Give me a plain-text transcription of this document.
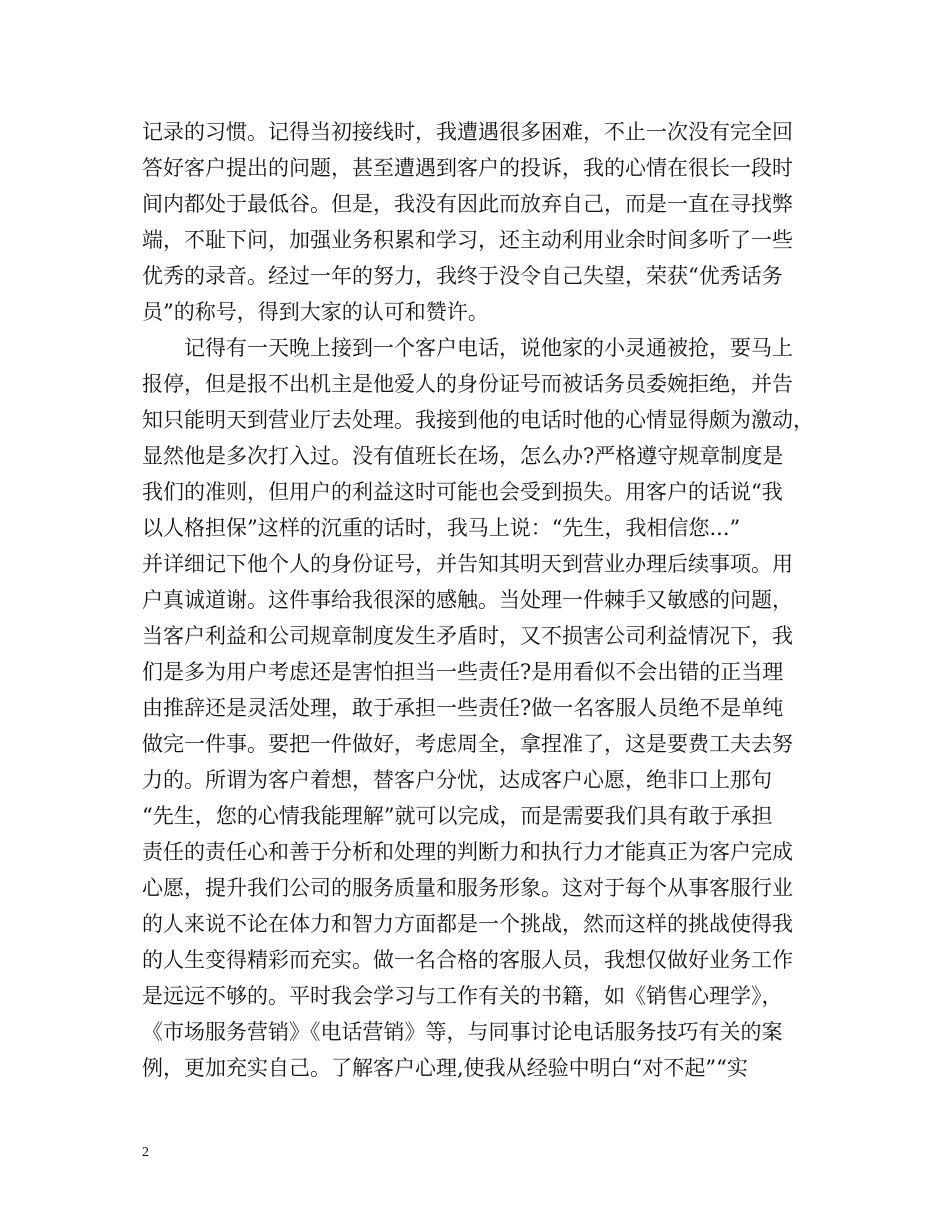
记录的习惯。记得当初接线时，我遭遇很多困难，不止一次没有完全回
答好客户提出的问题，甚至遭遇到客户的投诉，我的心情在很长一段时
间内都处于最低谷。但是，我没有因此而放弃自己，而是一直在寻找弊
端，不耻下问，加强业务积累和学习，还主动利用业余时间多听了一些
优秀的录音。经过一年的努力，我终于没令自己失望，荣获“优秀话务
员”的称号，得到大家的认可和赞许。
记得有一天晚上接到一个客户电话，说他家的小灵通被抢，要马上
报停，但是报不出机主是他爱人的身份证号而被话务员委婉拒绝，并告
知只能明天到营业厅去处理。我接到他的电话时他的心情显得颇为激动，
显然他是多次打入过。没有值班长在场，怎么办?严格遵守规章制度是
我们的准则，但用户的利益这时可能也会受到损失。用客户的话说“我
以人格担保”这样的沉重的话时，我马上说：“先生，我相信您...”
并详细记下他个人的身份证号，并告知其明天到营业办理后续事项。用
户真诚道谢。这件事给我很深的感触。当处理一件棘手又敏感的问题，
当客户利益和公司规章制度发生矛盾时，又不损害公司利益情况下，我
们是多为用户考虑还是害怕担当一些责任?是用看似不会出错的正当理
由推辞还是灵活处理，敢于承担一些责任?做一名客服人员绝不是单纯
做完一件事。要把一件做好，考虑周全，拿捏准了，这是要费工夫去努
力的。所谓为客户着想，替客户分忧，达成客户心愿，绝非口上那句
“先生，您的心情我能理解”就可以完成，而是需要我们具有敢于承担
责任的责任心和善于分析和处理的判断力和执行力才能真正为客户完成
心愿，提升我们公司的服务质量和服务形象。这对于每个从事客服行业
的人来说不论在体力和智力方面都是一个挑战，然而这样的挑战使得我
的人生变得精彩而充实。做一名合格的客服人员，我想仅做好业务工作
是远远不够的。平时我会学习与工作有关的书籍，如《销售心理学》，
《市场服务营销》《电话营销》等，与同事讨论电话服务技巧有关的案
例，更加充实自己。了解客户心理,使我从经验中明白“对不起”“实
2
